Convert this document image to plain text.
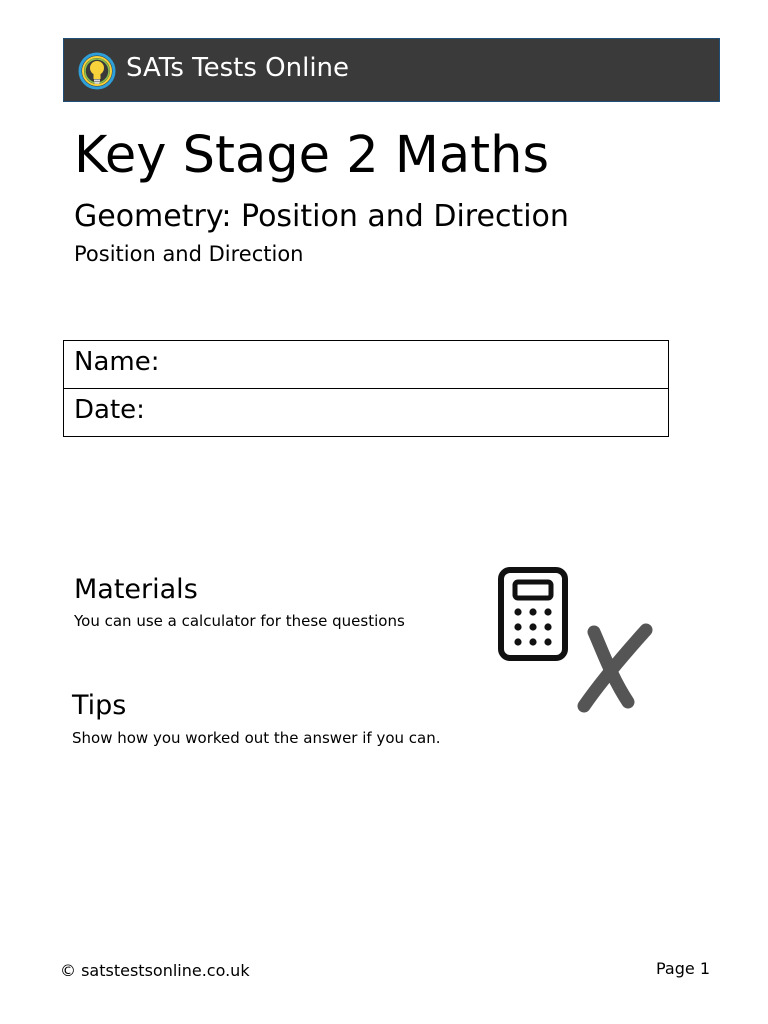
SATs Tests Online
Key Stage 2 Maths
Geometry: Position and Direction
Position and Direction
Name:
Date:
Materials
You can use a calculator for these questions
Tips
Show how you worked out the answer if you can.
© satstestsonline.co.uk	Page 1
